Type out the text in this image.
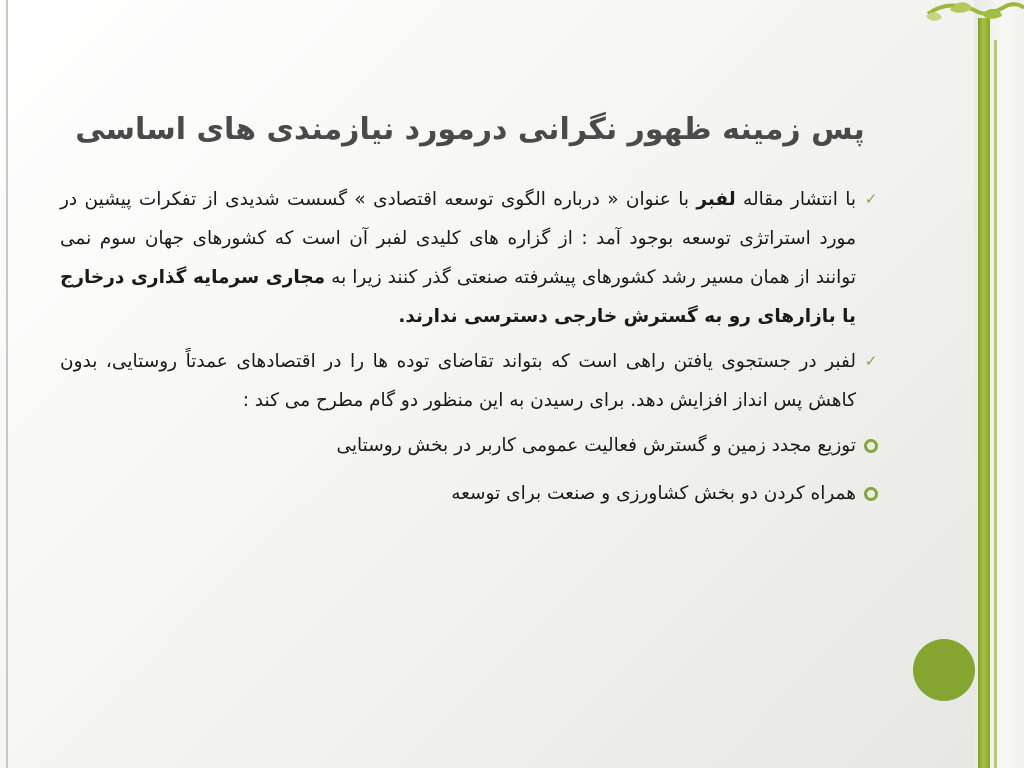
پس زمینه ظهور نگرانی درمورد نیازمندی های اساسی

✓
با انتشار مقاله لفبر با عنوان « درباره الگوی توسعه اقتصادی » گسست شدیدی از تفکرات پیشین در مورد استراتژی توسعه بوجود آمد : از گزاره های کلیدی لفبر آن است که کشورهای جهان سوم نمی توانند از همان مسیر رشد کشورهای پیشرفته صنعتی گذر کنند زیرا به مجاری سرمایه گذاری درخارج یا بازارهای رو به گسترش خارجی دسترسی ندارند.

✓
لفبر در جستجوی یافتن راهی است که بتواند تقاضای توده ها را در اقتصادهای عمدتاً روستایی، بدون کاهش پس انداز افزایش دهد. برای رسیدن به این منظور دو گام مطرح می کند :

توزیع مجدد زمین و گسترش فعالیت عمومی کاربر در بخش روستایی
همراه کردن دو بخش کشاورزی و صنعت برای توسعه
